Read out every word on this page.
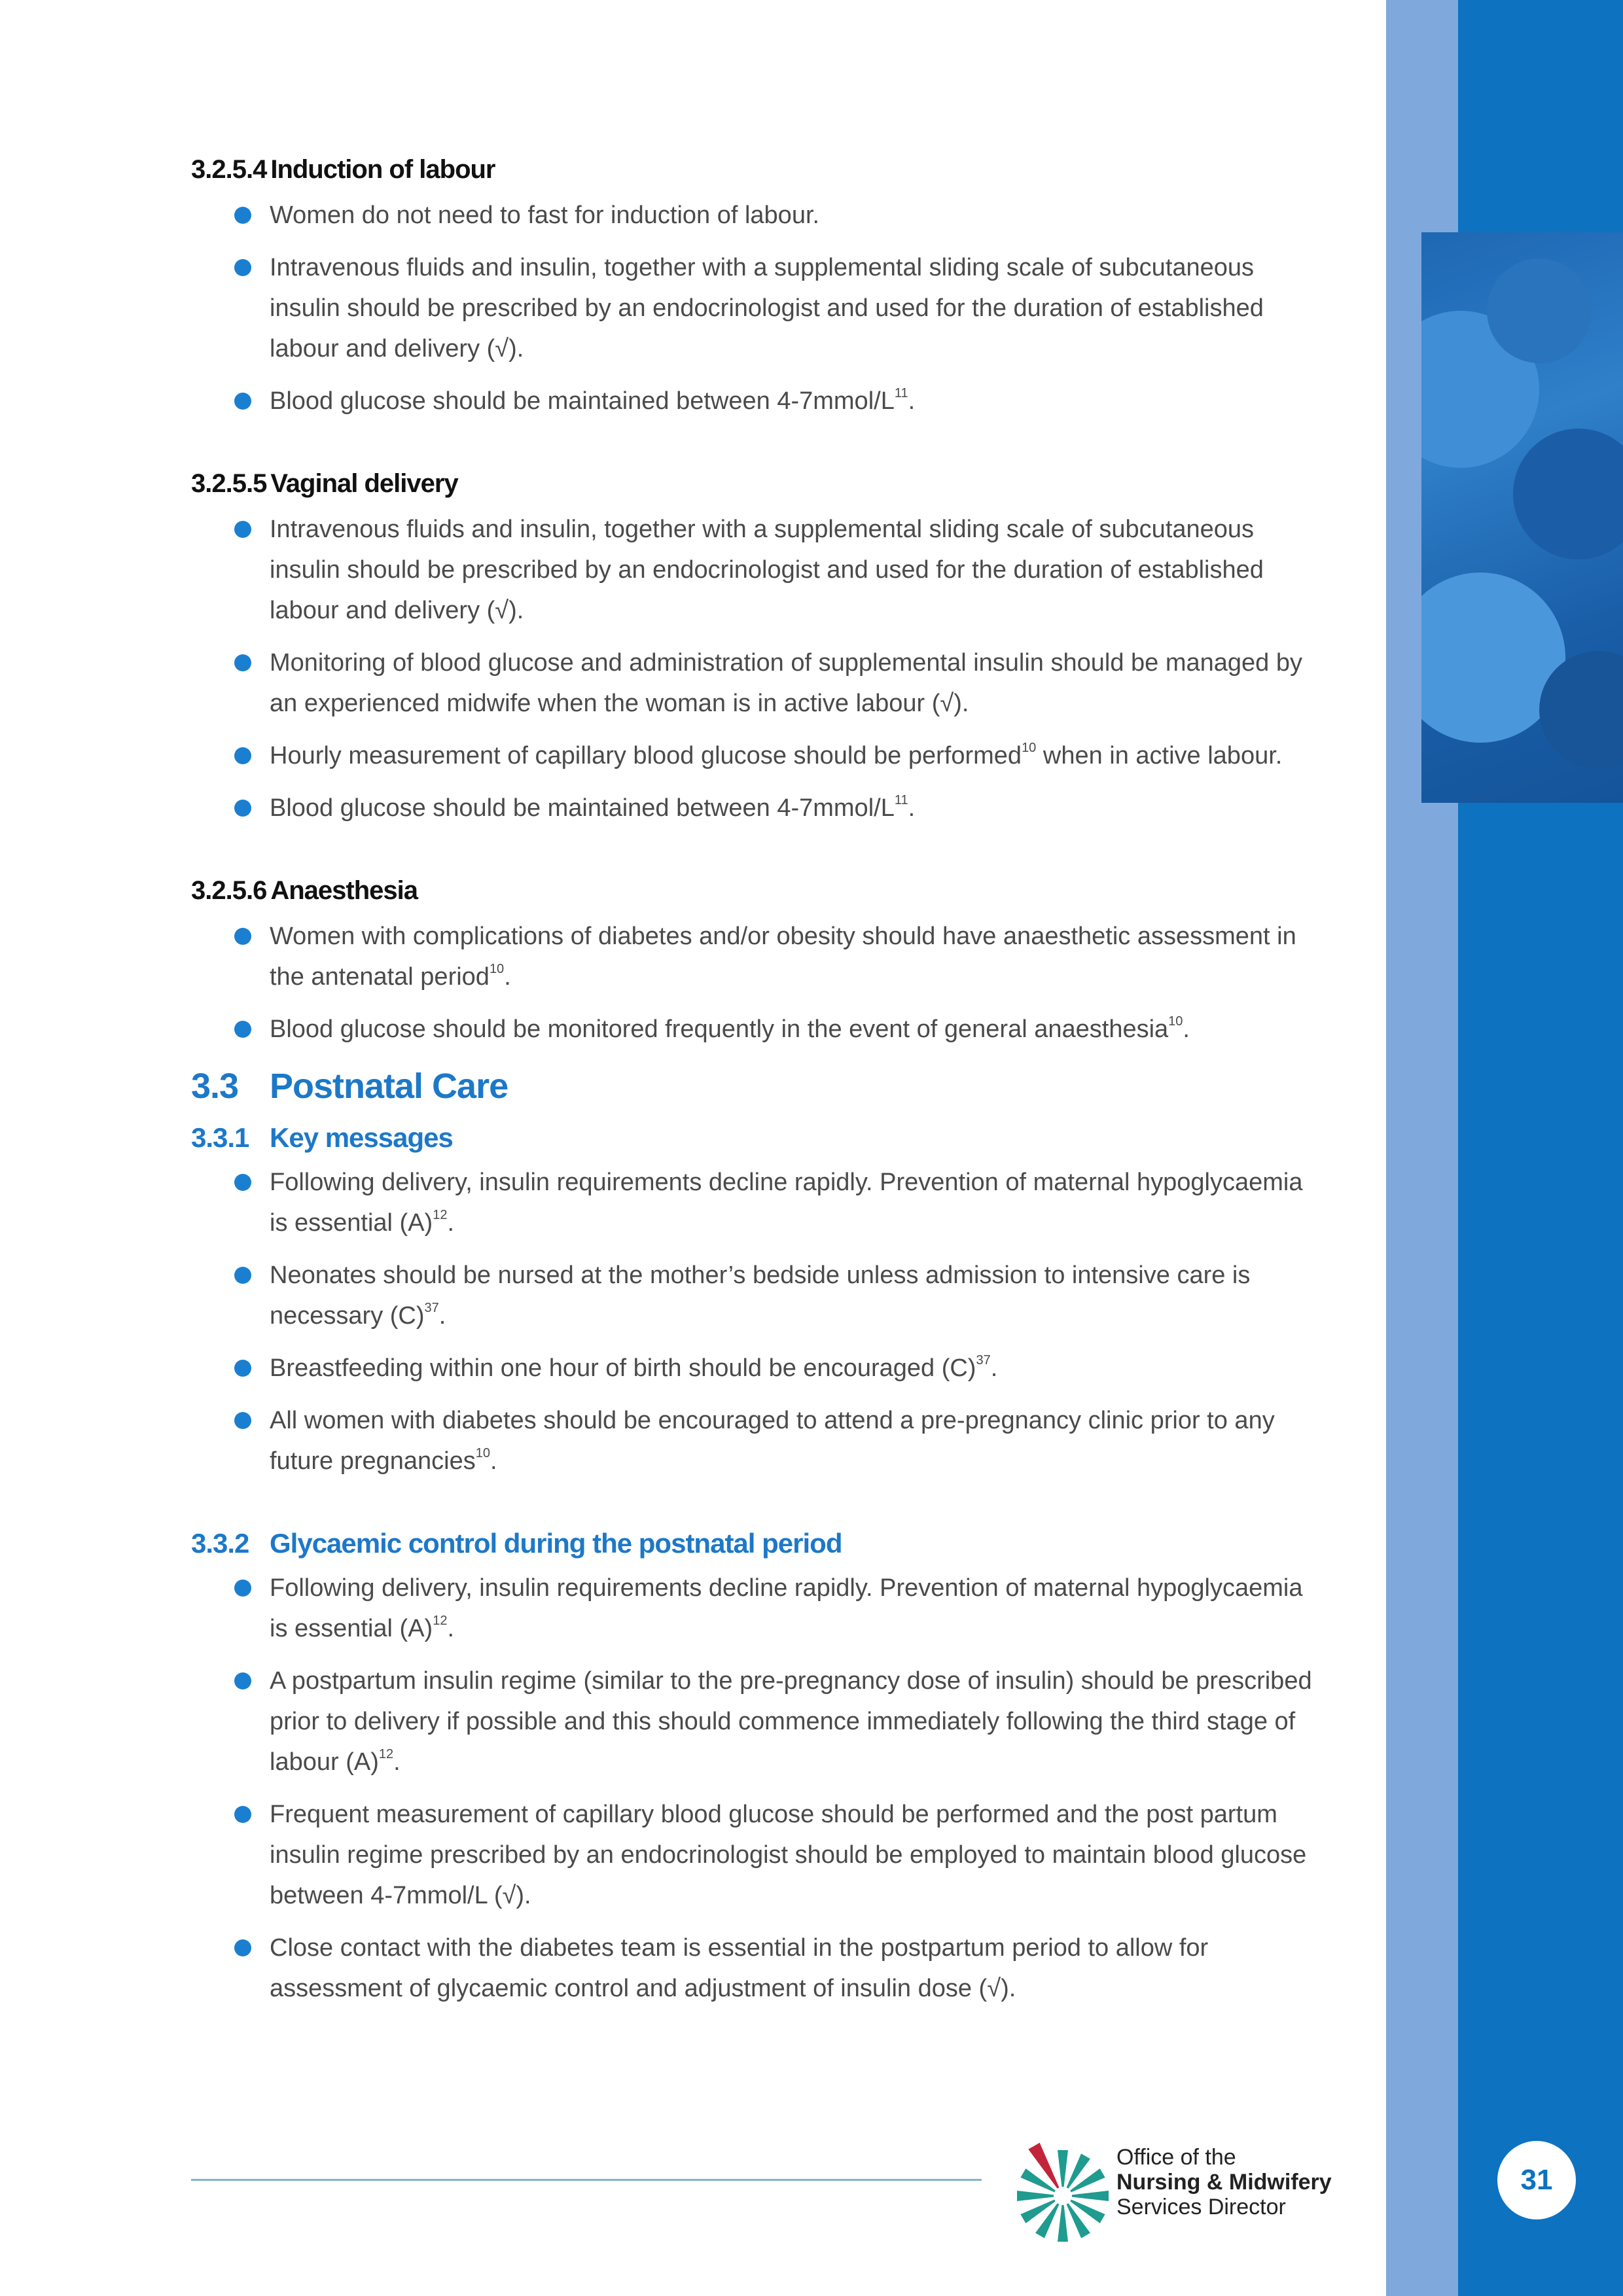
3.2.5.4 Induction of labour
Women do not need to fast for induction of labour.
Intravenous fluids and insulin, together with a supplemental sliding scale of subcutaneous insulin should be prescribed by an endocrinologist and used for the duration of established labour and delivery (√).
Blood glucose should be maintained between $4-7mmol/L^{11}$.
3.2.5.5 Vaginal delivery
Intravenous fluids and insulin, together with a supplemental sliding scale of subcutaneous insulin should be prescribed by an endocrinologist and used for the duration of established labour and delivery (√).
Monitoring of blood glucose and administration of supplemental insulin should be managed by an experienced midwife when the woman is in active labour (√).
Hourly measurement of capillary blood glucose should be performed$^{10}$ when in active labour.
Blood glucose should be maintained between $4-7mmol/L^{11}$.
3.2.5.6 Anaesthesia
Women with complications of diabetes and/or obesity should have anaesthetic assessment in the antenatal period$^{10}$.
Blood glucose should be monitored frequently in the event of general anaesthesia$^{10}$.
3.3 Postnatal Care
3.3.1 Key messages
Following delivery, insulin requirements decline rapidly. Prevention of maternal hypoglycaemia is essential $(A)^{12}$.
Neonates should be nursed at the mother’s bedside unless admission to intensive care is necessary $(C)^{37}$.
Breastfeeding within one hour of birth should be encouraged $(C)^{37}$.
All women with diabetes should be encouraged to attend a pre-pregnancy clinic prior to any future pregnancies$^{10}$.
3.3.2 Glycaemic control during the postnatal period
Following delivery, insulin requirements decline rapidly. Prevention of maternal hypoglycaemia is essential $(A)^{12}$.
A postpartum insulin regime (similar to the pre-pregnancy dose of insulin) should be prescribed prior to delivery if possible and this should commence immediately following the third stage of labour $(A)^{12}$.
Frequent measurement of capillary blood glucose should be performed and the post partum insulin regime prescribed by an endocrinologist should be employed to maintain blood glucose between 4-7mmol/L (√).
Close contact with the diabetes team is essential in the postpartum period to allow for assessment of glycaemic control and adjustment of insulin dose (√).
Office of the
Nursing & Midwifery
Services Director
31
